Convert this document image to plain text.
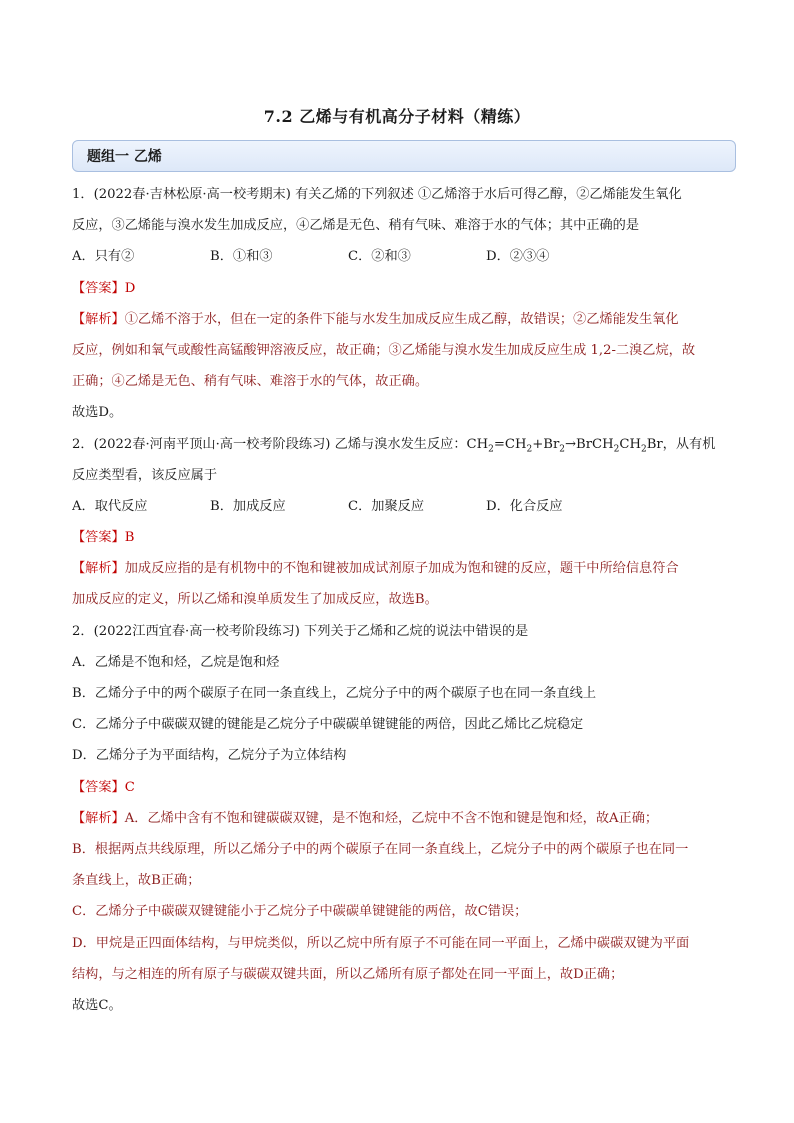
7.2 乙烯与有机高分子材料（精练）
题组一 乙烯

1．(2022春·吉林松原·高一校考期末) 有关乙烯的下列叙述 ①乙烯溶于水后可得乙醇，②乙烯能发生氧化

反应，③乙烯能与溴水发生加成反应，④乙烯是无色、稍有气味、难溶于水的气体；其中正确的是

A．只有②	B．①和③	C．②和③	D．②③④

【答案】D

【解析】①乙烯不溶于水，但在一定的条件下能与水发生加成反应生成乙醇，故错误；②乙烯能发生氧化

反应，例如和氧气或酸性高锰酸钾溶液反应，故正确；③乙烯能与溴水发生加成反应生成 1,2-二溴乙烷，故

正确；④乙烯是无色、稍有气味、难溶于水的气体，故正确。

故选D。

2．(2022春·河南平顶山·高一校考阶段练习) 乙烯与溴水发生反应：$CH_2=CH_2+Br_2\to BrCH_2CH_2Br$，从有机

反应类型看，该反应属于

A．取代反应	B．加成反应	C．加聚反应	D．化合反应

【答案】B

【解析】加成反应指的是有机物中的不饱和键被加成试剂原子加成为饱和键的反应，题干中所给信息符合

加成反应的定义，所以乙烯和溴单质发生了加成反应，故选B。

2．(2022江西宜春·高一校考阶段练习) 下列关于乙烯和乙烷的说法中错误的是

A．乙烯是不饱和烃，乙烷是饱和烃

B．乙烯分子中的两个碳原子在同一条直线上，乙烷分子中的两个碳原子也在同一条直线上

C．乙烯分子中碳碳双键的键能是乙烷分子中碳碳单键键能的两倍，因此乙烯比乙烷稳定

D．乙烯分子为平面结构，乙烷分子为立体结构

【答案】C

【解析】A．乙烯中含有不饱和键碳碳双键，是不饱和烃，乙烷中不含不饱和键是饱和烃，故A正确；

B．根据两点共线原理，所以乙烯分子中的两个碳原子在同一条直线上，乙烷分子中的两个碳原子也在同一

条直线上，故B正确；

C．乙烯分子中碳碳双键键能小于乙烷分子中碳碳单键键能的两倍，故C错误；

D．甲烷是正四面体结构，与甲烷类似，所以乙烷中所有原子不可能在同一平面上，乙烯中碳碳双键为平面

结构，与之相连的所有原子与碳碳双键共面，所以乙烯所有原子都处在同一平面上，故D正确；

故选C。
